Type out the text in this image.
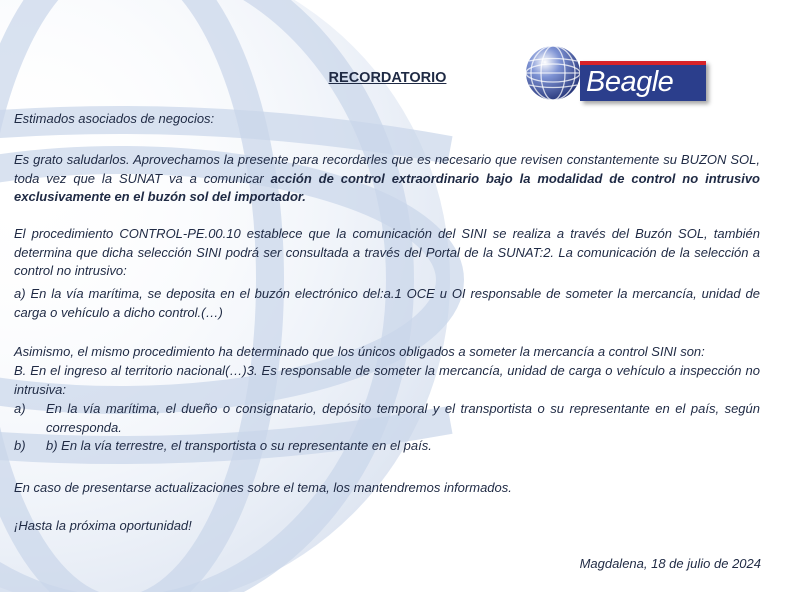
RECORDATORIO	Beagle

Estimados asociados de negocios:

Es grato saludarlos. Aprovechamos la presente para recordarles que es necesario que revisen constantemente su BUZON SOL, toda vez que la SUNAT va a comunicar acción de control extraordinario bajo la modalidad de control no intrusivo exclusivamente en el buzón sol del importador.

El procedimiento CONTROL-PE.00.10 establece que la comunicación del SINI se realiza a través del Buzón SOL, también determina que dicha selección SINI podrá ser consultada a través del Portal de la SUNAT:2. La comunicación de la selección a control no intrusivo:

a) En la vía marítima, se deposita en el buzón electrónico del:a.1 OCE u OI responsable de someter la mercancía, unidad de carga o vehículo a dicho control.(…)

Asimismo, el mismo procedimiento ha determinado que los únicos obligados a someter la mercancía a control SINI son:

B. En el ingreso al territorio nacional(…)3. Es responsable de someter la mercancía, unidad de carga o vehículo a inspección no intrusiva:

a) En la vía marítima, el dueño o consignatario, depósito temporal y el transportista o su representante en el país, según corresponda.
b) b) En la vía terrestre, el transportista o su representante en el país.

En caso de presentarse actualizaciones sobre el tema, los mantendremos informados.

¡Hasta la próxima oportunidad!

Magdalena, 18 de julio de 2024
